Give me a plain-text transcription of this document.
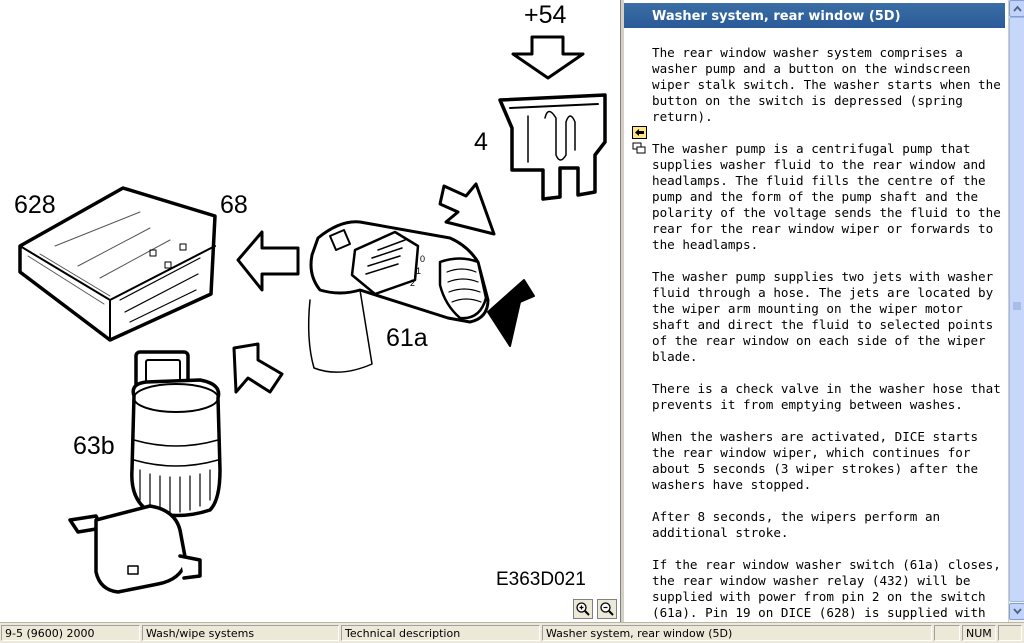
0
1
2
+54
4
628	68
61a
63b
E363D021
Washer system, rear window (5D)

The rear window washer system comprises a washer pump and a button on the windscreen wiper stalk switch. The washer starts when the button on the switch is depressed (spring return).

The washer pump is a centrifugal pump that supplies washer fluid to the rear window and headlamps. The fluid fills the centre of the pump and the form of the pump shaft and the polarity of the voltage sends the fluid to the rear for the rear window wiper or forwards to the headlamps.

The washer pump supplies two jets with washer fluid through a hose. The jets are located by the wiper arm mounting on the wiper motor shaft and direct the fluid to selected points of the rear window on each side of the wiper blade.

There is a check valve in the washer hose that prevents it from emptying between washes.

When the washers are activated, DICE starts the rear window wiper, which continues for about 5 seconds (3 wiper strokes) after the washers have stopped.

After 8 seconds, the wipers perform an additional stroke.

If the rear window washer switch (61a) closes, the rear window washer relay (432) will be supplied with power from pin 2 on the switch (61a). Pin 19 on DICE (628) is supplied with

9-5 (9600) 2000	Wash/wipe systems	Technical description	Washer system, rear window (5D)	NUM
